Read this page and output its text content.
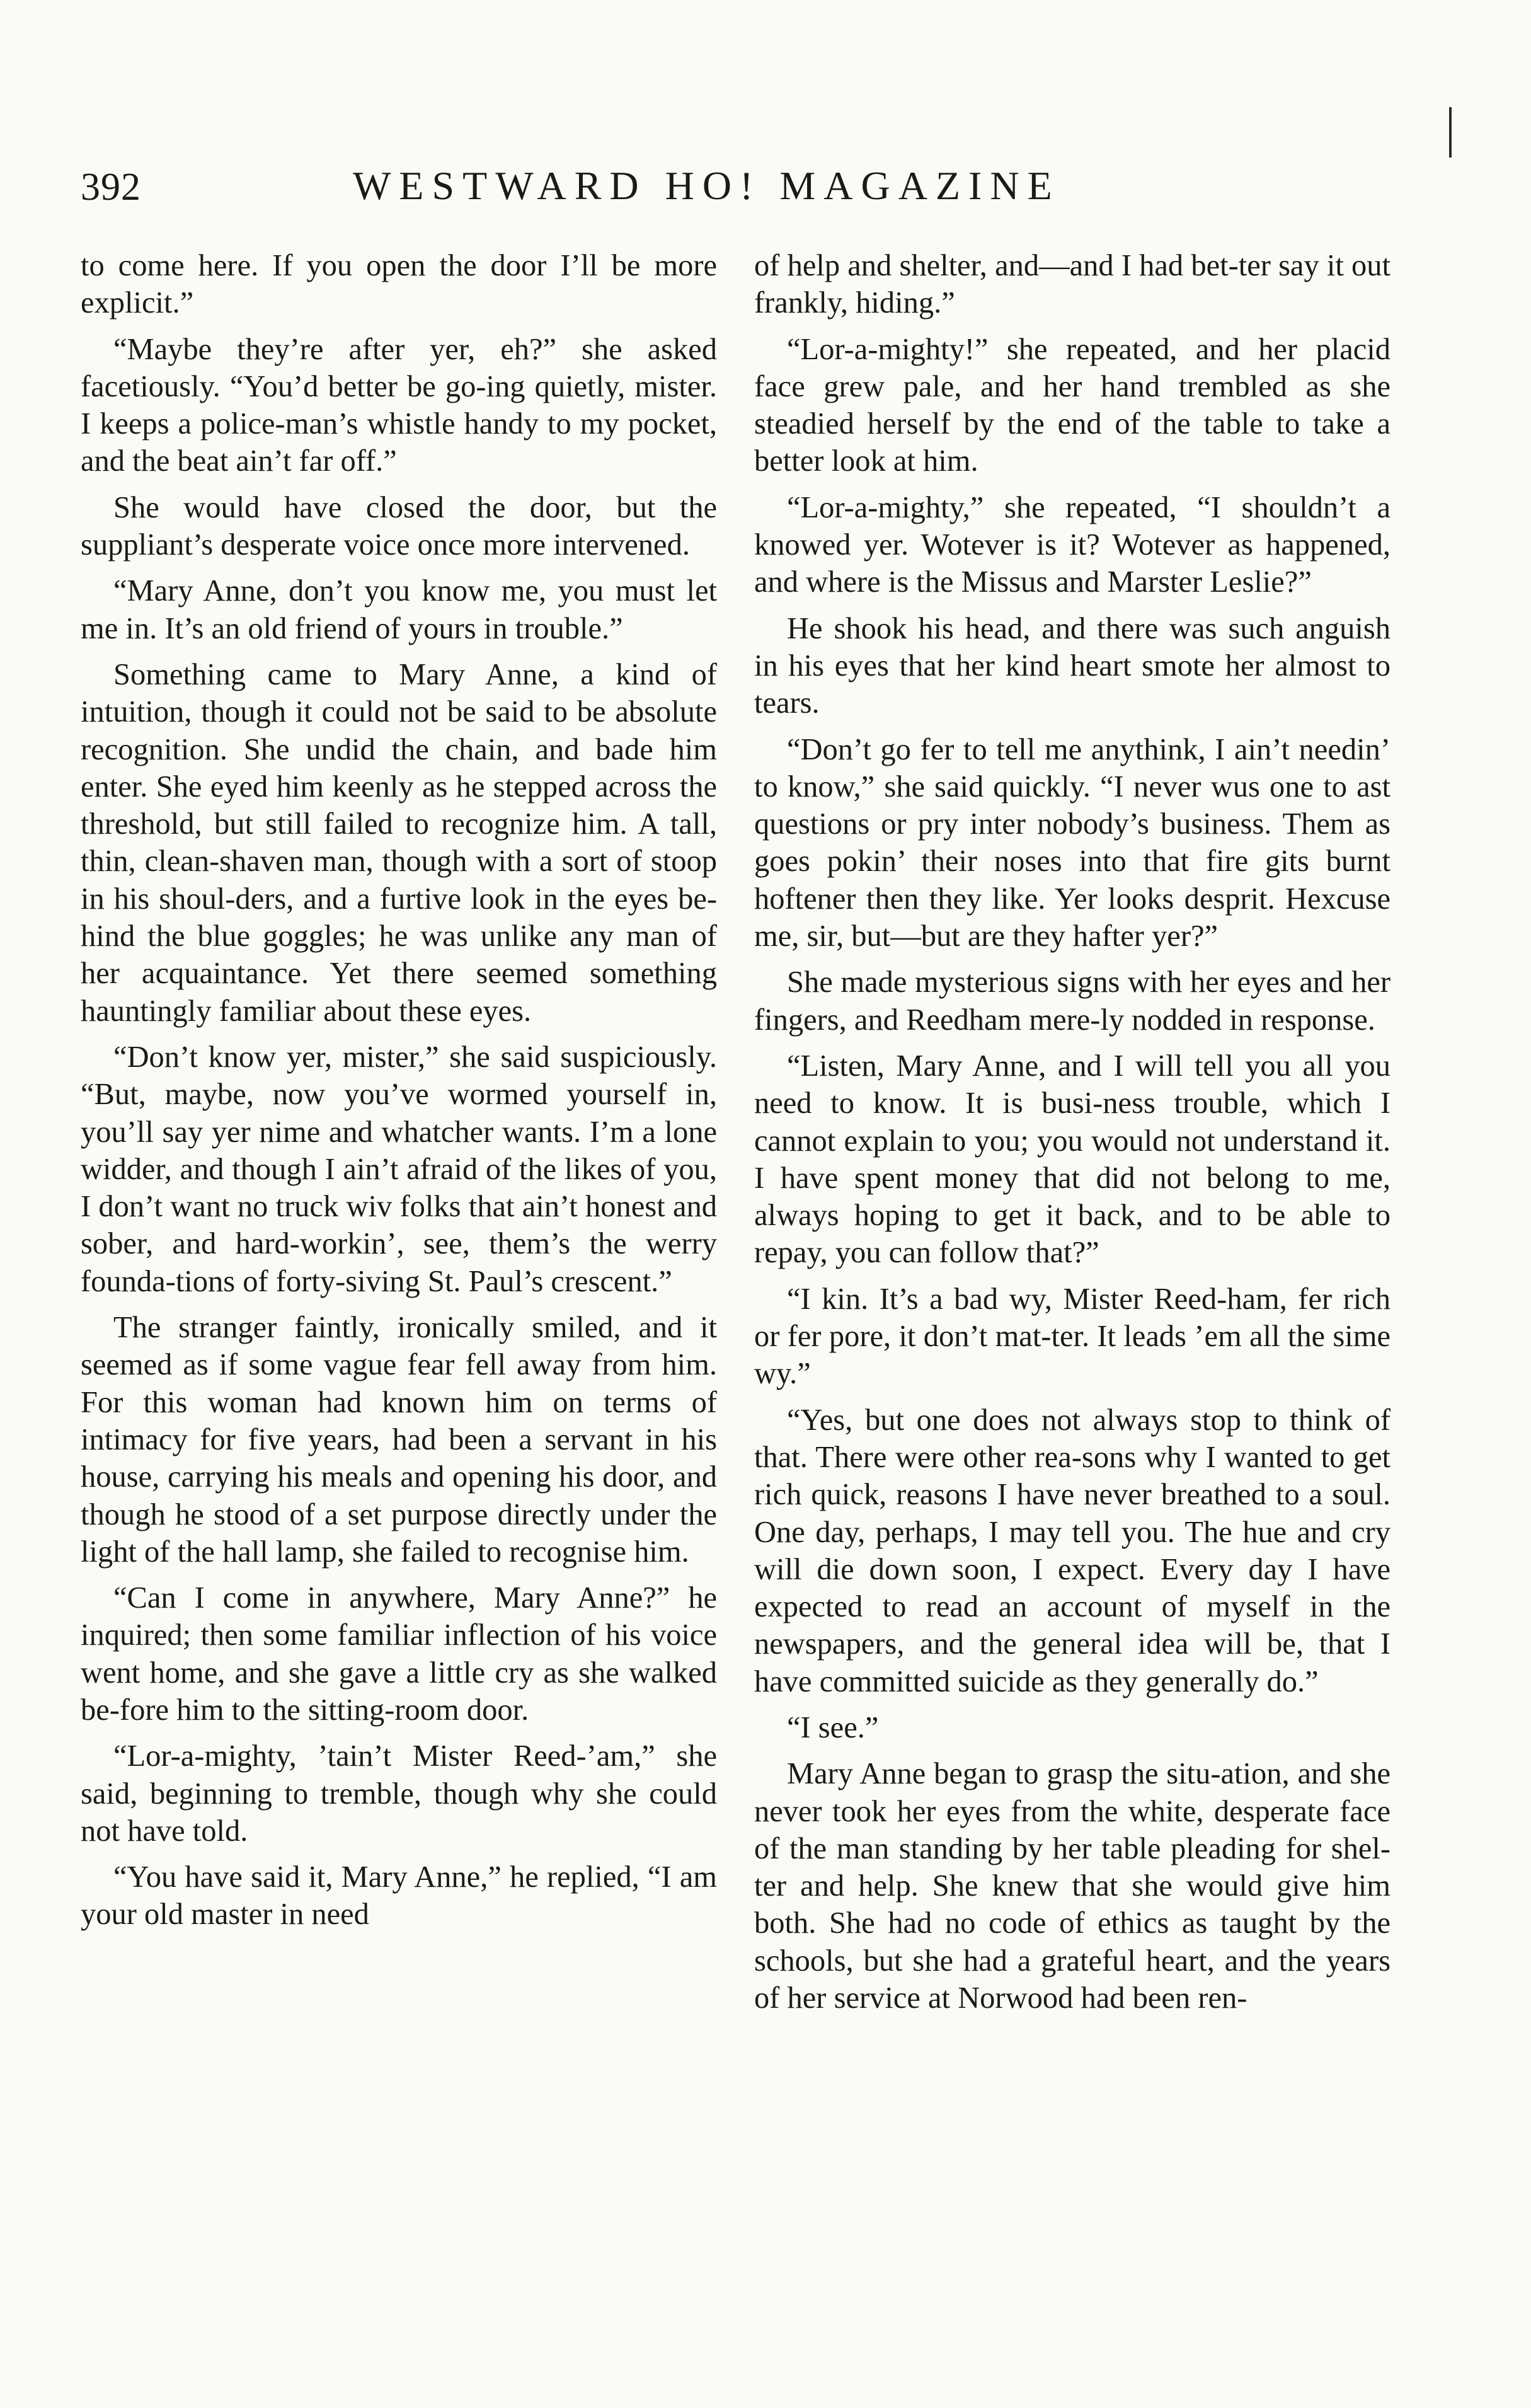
392	WESTWARD HO! MAGAZINE

to come here. If you open the door I’ll be more explicit.”

“Maybe they’re after yer, eh?” she asked facetiously. “You’d better be go-ing quietly, mister. I keeps a police-man’s whistle handy to my pocket, and the beat ain’t far off.”

She would have closed the door, but the suppliant’s desperate voice once more intervened.

“Mary Anne, don’t you know me, you must let me in. It’s an old friend of yours in trouble.”

Something came to Mary Anne, a kind of intuition, though it could not be said to be absolute recognition. She undid the chain, and bade him enter. She eyed him keenly as he stepped across the threshold, but still failed to recognize him. A tall, thin, clean-shaven man, though with a sort of stoop in his shoul-ders, and a furtive look in the eyes be-hind the blue goggles; he was unlike any man of her acquaintance. Yet there seemed something hauntingly familiar about these eyes.

“Don’t know yer, mister,” she said suspiciously. “But, maybe, now you’ve wormed yourself in, you’ll say yer nime and whatcher wants. I’m a lone widder, and though I ain’t afraid of the likes of you, I don’t want no truck wiv folks that ain’t honest and sober, and hard-workin’, see, them’s the werry founda-tions of forty-siving St. Paul’s crescent.”

The stranger faintly, ironically smiled, and it seemed as if some vague fear fell away from him. For this woman had known him on terms of intimacy for five years, had been a servant in his house, carrying his meals and opening his door, and though he stood of a set purpose directly under the light of the hall lamp, she failed to recognise him.

“Can I come in anywhere, Mary Anne?” he inquired; then some familiar inflection of his voice went home, and she gave a little cry as she walked be-fore him to the sitting-room door.

“Lor-a-mighty, ’tain’t Mister Reed-’am,” she said, beginning to tremble, though why she could not have told.

“You have said it, Mary Anne,” he replied, “I am your old master in need

of help and shelter, and—and I had bet-ter say it out frankly, hiding.”

“Lor-a-mighty!” she repeated, and her placid face grew pale, and her hand trembled as she steadied herself by the end of the table to take a better look at him.

“Lor-a-mighty,” she repeated, “I shouldn’t a knowed yer. Wotever is it? Wotever as happened, and where is the Missus and Marster Leslie?”

He shook his head, and there was such anguish in his eyes that her kind heart smote her almost to tears.

“Don’t go fer to tell me anythink, I ain’t needin’ to know,” she said quickly. “I never wus one to ast questions or pry inter nobody’s business. Them as goes pokin’ their noses into that fire gits burnt hoftener then they like. Yer looks desprit. Hexcuse me, sir, but—but are they hafter yer?”

She made mysterious signs with her eyes and her fingers, and Reedham mere-ly nodded in response.

“Listen, Mary Anne, and I will tell you all you need to know. It is busi-ness trouble, which I cannot explain to you; you would not understand it. I have spent money that did not belong to me, always hoping to get it back, and to be able to repay, you can follow that?”

“I kin. It’s a bad wy, Mister Reed-ham, fer rich or fer pore, it don’t mat-ter. It leads ’em all the sime wy.”

“Yes, but one does not always stop to think of that. There were other rea-sons why I wanted to get rich quick, reasons I have never breathed to a soul. One day, perhaps, I may tell you. The hue and cry will die down soon, I expect. Every day I have expected to read an account of myself in the newspapers, and the general idea will be, that I have committed suicide as they generally do.”

“I see.”

Mary Anne began to grasp the situ-ation, and she never took her eyes from the white, desperate face of the man standing by her table pleading for shel-ter and help. She knew that she would give him both. She had no code of ethics as taught by the schools, but she had a grateful heart, and the years of her service at Norwood had been ren-
